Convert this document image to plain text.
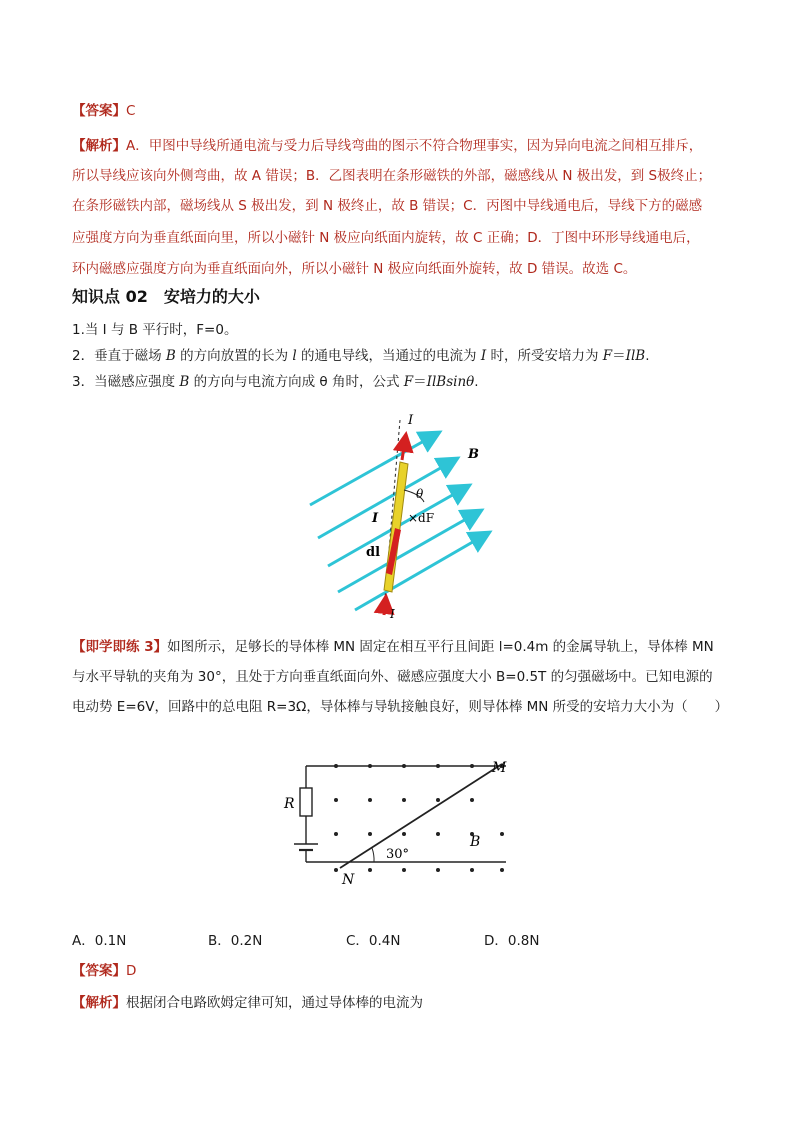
【答案】C
【解析】A．甲图中导线所通电流与受力后导线弯曲的图示不符合物理事实，因为异向电流之间相互排斥，
所以导线应该向外侧弯曲，故 A 错误；B．乙图表明在条形磁铁的外部，磁感线从 N 极出发，到 S极终止；
在条形磁铁内部，磁场线从 S 极出发，到 N 极终止，故 B 错误；C．丙图中导线通电后，导线下方的磁感
应强度方向为垂直纸面向里，所以小磁针 N 极应向纸面内旋转，故 C 正确；D．丁图中环形导线通电后，
环内磁感应强度方向为垂直纸面向外，所以小磁针 N 极应向纸面外旋转，故 D 错误。故选 C。
知识点 02 安培力的大小
1.当 I 与 B 平行时，F=0。
2．垂直于磁场 B 的方向放置的长为 l 的通电导线，当通过的电流为 I 时，所受安培力为 F＝IlB.
3．当磁感应强度 B 的方向与电流方向成 θ 角时，公式 F＝IlBsinθ.
I
B
θ
I ×dF
dl
I
【即学即练 3】如图所示，足够长的导体棒 MN 固定在相互平行且间距 l=0.4m 的金属导轨上，导体棒 MN
与水平导轨的夹角为 30°，且处于方向垂直纸面向外、磁感应强度大小 B=0.5T 的匀强磁场中。已知电源的
电动势 E=6V，回路中的总电阻 R=3Ω，导体棒与导轨接触良好，则导体棒 MN 所受的安培力大小为（　　）
M
N
R
B
30°
A．0.1N	B．0.2N	C．0.4N	D．0.8N
【答案】D
【解析】根据闭合电路欧姆定律可知，通过导体棒的电流为
